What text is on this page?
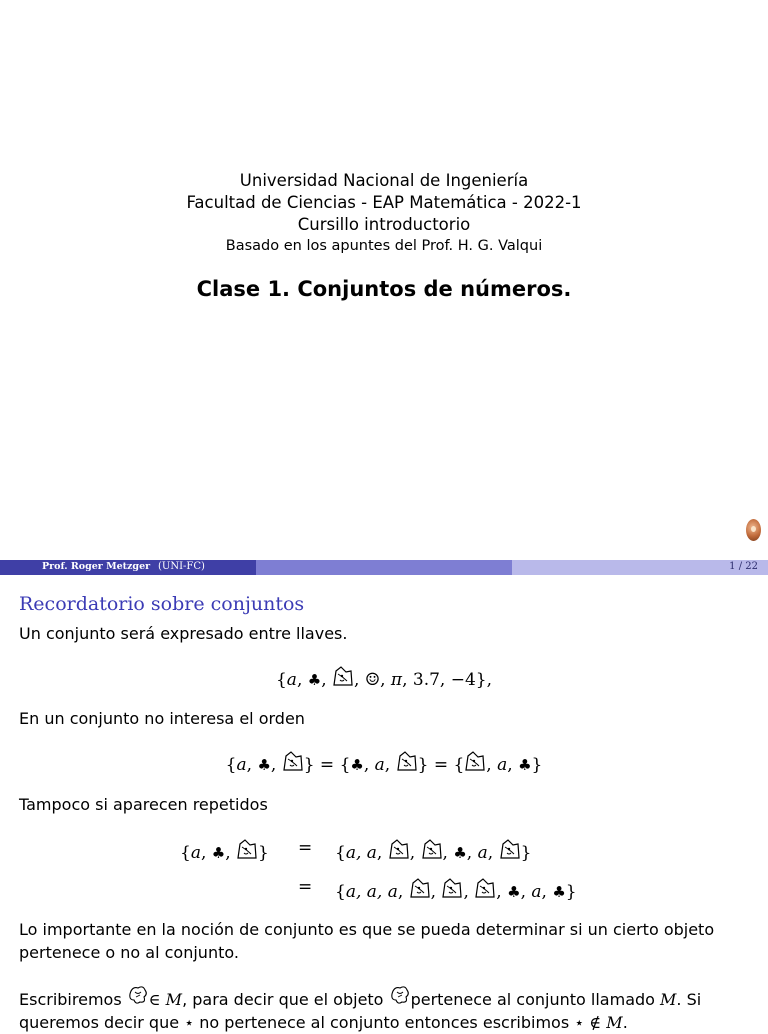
Universidad Nacional de Ingeniería
Facultad de Ciencias - EAP Matemática - 2022-1
Cursillo introductorio
Basado en los apuntes del Prof. H. G. Valqui
Clase 1. Conjuntos de números.
Prof. Roger Metzger (UNI-FC)	1 / 22
Recordatorio sobre conjuntos
Un conjunto será expresado entre llaves.
{a, ♣, , ☺, π, 3.7, −4},
En un conjunto no interesa el orden
{a, ♣, } = {♣, a, } = { , a, ♣}
Tampoco si aparecen repetidos
{a, ♣, } = {a, a, , , ♣, a, }
= {a, a, a, , , , ♣, a, ♣}
Lo importante en la noción de conjunto es que se pueda determinar si un cierto objeto pertenece o no al conjunto.
Escribiremos ∈ M, para decir que el objeto pertenece al conjunto llamado M. Si queremos decir que ⋆ no pertenece al conjunto entonces escribimos ⋆ ∉ M.
